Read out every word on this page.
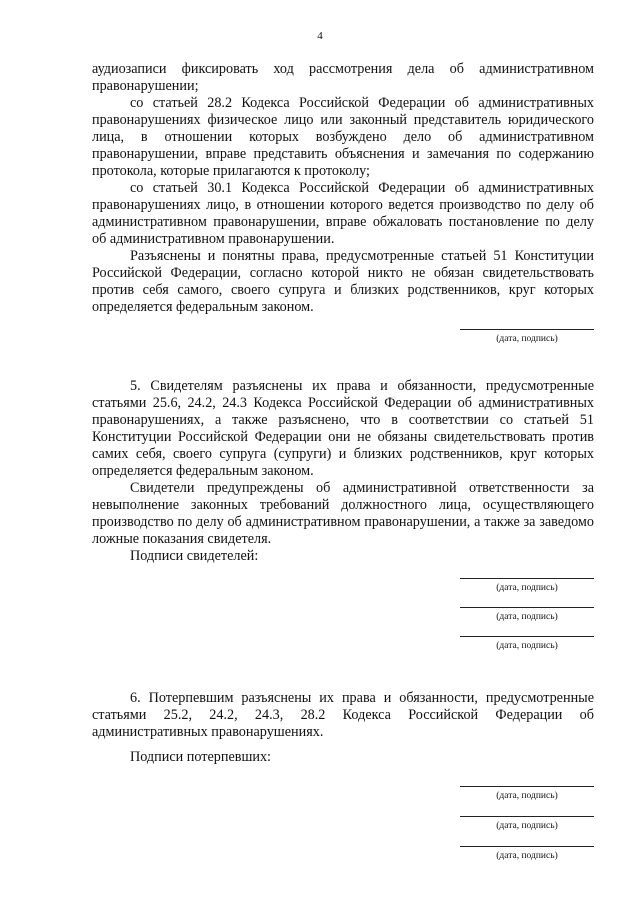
4

аудиозаписи фиксировать ход рассмотрения дела об административном правонарушении;

со статьей 28.2 Кодекса Российской Федерации об административных правонарушениях физическое лицо или законный представитель юридического лица, в отношении которых возбуждено дело об административном правонарушении, вправе представить объяснения и замечания по содержанию протокола, которые прилагаются к протоколу;

со статьей 30.1 Кодекса Российской Федерации об административных правонарушениях лицо, в отношении которого ведется производство по делу об административном правонарушении, вправе обжаловать постановление по делу об административном правонарушении.

Разъяснены и понятны права, предусмотренные статьей 51 Конституции Российской Федерации, согласно которой никто не обязан свидетельствовать против себя самого, своего супруга и близких родственников, круг которых определяется федеральным законом.

(дата, подпись)

5. Свидетелям разъяснены их права и обязанности, предусмотренные статьями 25.6, 24.2, 24.3 Кодекса Российской Федерации об административных правонарушениях, а также разъяснено, что в соответствии со статьей 51 Конституции Российской Федерации они не обязаны свидетельствовать против самих себя, своего супруга (супруги) и близких родственников, круг которых определяется федеральным законом.

Свидетели предупреждены об административной ответственности за невыполнение законных требований должностного лица, осуществляющего производство по делу об административном правонарушении, а также за заведомо ложные показания свидетеля.

Подписи свидетелей:

(дата, подпись)
(дата, подпись)
(дата, подпись)

6. Потерпевшим разъяснены их права и обязанности, предусмотренные статьями 25.2, 24.2, 24.3, 28.2 Кодекса Российской Федерации об административных правонарушениях.

Подписи потерпевших:

(дата, подпись)
(дата, подпись)
(дата, подпись)
